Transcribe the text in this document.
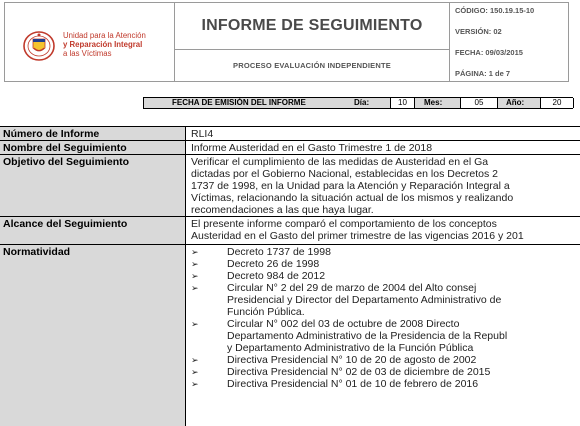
Unidad para la Atención
y Reparación Integral
a las Víctimas
INFORME DE SEGUIMIENTO
PROCESO EVALUACIÓN INDEPENDIENTE
CÓDIGO: 150.19.15-10
VERSIÓN: 02
FECHA: 09/03/2015
PÁGINA: 1 de 7
FECHA DE EMISIÓN DEL INFORME	Día:	10	Mes:	05	Año:	20
Número de Informe	RLI4
Nombre del Seguimiento	Informe Austeridad en el Gasto Trimestre 1 de 2018
Objetivo del Seguimiento	Verificar el cumplimiento de las medidas de Austeridad en el Ga
dictadas por el Gobierno Nacional, establecidas en los Decretos 2
1737 de 1998, en la Unidad para la Atención y Reparación Integral a
Víctimas, relacionando la situación actual de los mismos y realizando
recomendaciones a las que haya lugar.
Alcance del Seguimiento	El presente informe comparó el comportamiento de los conceptos
Austeridad en el Gasto del primer trimestre de las vigencias 2016 y 201
Normatividad	➢	Decreto 1737 de 1998
➢	Decreto 26 de 1998
➢	Decreto 984 de 2012
➢	Circular N° 2 del 29 de marzo de 2004 del Alto consej
Presidencial y Director del Departamento Administrativo de
Función Pública.
➢	Circular N° 002 del 03 de octubre de 2008 Directo
Departamento Administrativo de la Presidencia de la Republ
y Departamento Administrativo de la Función Pública
➢	Directiva Presidencial N° 10 de 20 de agosto de 2002
➢	Directiva Presidencial N° 02 de 03 de diciembre de 2015
➢	Directiva Presidencial N° 01 de 10 de febrero de 2016
